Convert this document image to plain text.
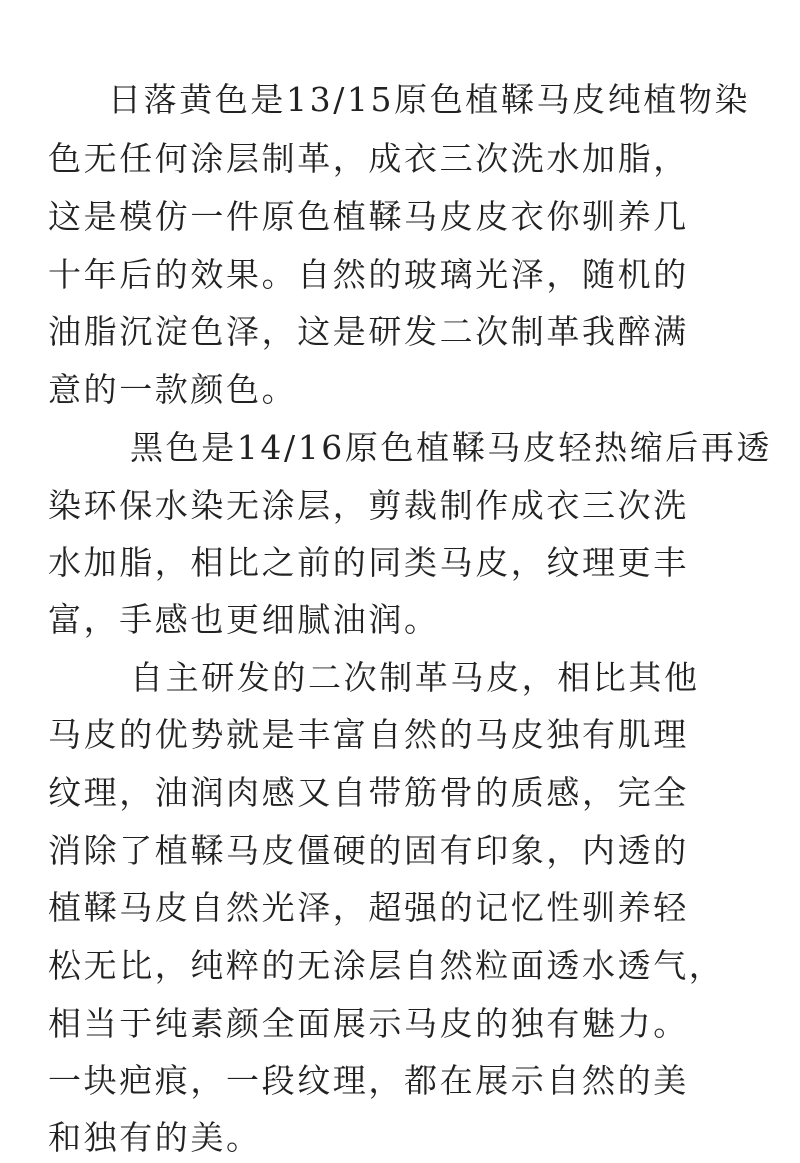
日落黄色是13/15原色植鞣马皮纯植物染
色无任何涂层制革，成衣三次洗水加脂，
这是模仿一件原色植鞣马皮皮衣你驯养几
十年后的效果。自然的玻璃光泽，随机的
油脂沉淀色泽，这是研发二次制革我醉满
意的一款颜色。
黑色是14/16原色植鞣马皮轻热缩后再透
染环保水染无涂层，剪裁制作成衣三次洗
水加脂，相比之前的同类马皮，纹理更丰
富，手感也更细腻油润。
自主研发的二次制革马皮，相比其他
马皮的优势就是丰富自然的马皮独有肌理
纹理，油润肉感又自带筋骨的质感，完全
消除了植鞣马皮僵硬的固有印象，内透的
植鞣马皮自然光泽，超强的记忆性驯养轻
松无比，纯粹的无涂层自然粒面透水透气，
相当于纯素颜全面展示马皮的独有魅力。
一块疤痕，一段纹理，都在展示自然的美
和独有的美。
